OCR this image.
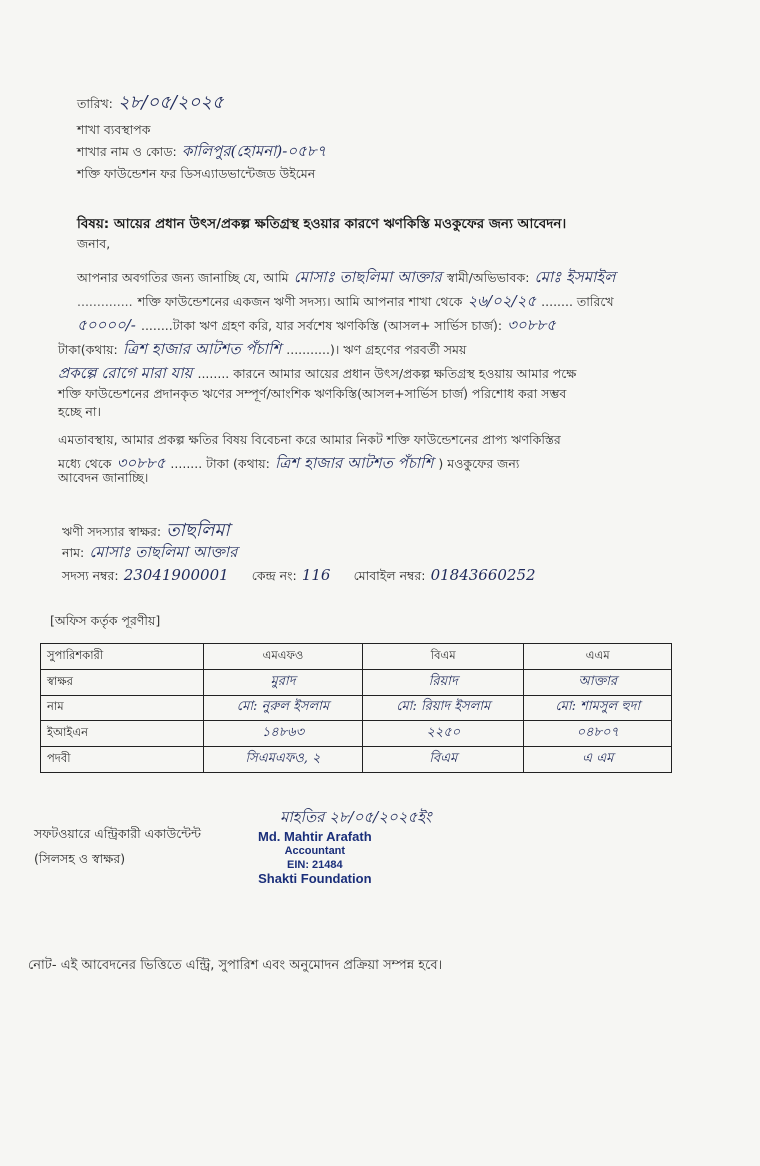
তারিখ: ২৮/০৫/২০২৫
শাখা ব্যবস্থাপক
শাখার নাম ও কোড: কালিপুর(হোমনা)-০৫৮৭
শক্তি ফাউন্ডেশন ফর ডিসএ্যাডভান্টেজড উইমেন
বিষয়: আয়ের প্রধান উৎস/প্রকল্প ক্ষতিগ্রস্থ হওয়ার কারণে ঋণকিস্তি মওকুফের জন্য আবেদন।
জনাব,
আপনার অবগতির জন্য জানাচ্ছি যে, আমি মোসাঃ তাছলিমা আক্তার স্বামী/অভিভাবক: মোঃ ইসমাইল
.............. শক্তি ফাউন্ডেশনের একজন ঋণী সদস্য। আমি আপনার শাখা থেকে ২৬/০২/২৫ ........ তারিখে
৫০০০০/- ........টাকা ঋণ গ্রহণ করি, যার সর্বশেষ ঋণকিস্তি (আসল+ সার্ভিস চার্জ): ৩০৮৮৫
টাকা(কথায়: ত্রিশ হাজার আটশত পঁচাশি ...........)। ঋণ গ্রহণের পরবর্তী সময়
প্রকল্পে রোগে মারা যায় ........ কারনে আমার আয়ের প্রধান উৎস/প্রকল্প ক্ষতিগ্রস্থ হওয়ায় আমার পক্ষে
শক্তি ফাউন্ডেশনের প্রদানকৃত ঋণের সম্পূর্ণ/আংশিক ঋণকিস্তি(আসল+সার্ভিস চার্জ) পরিশোধ করা সম্ভব
হচ্ছে না।
এমতাবস্থায়, আমার প্রকল্প ক্ষতির বিষয় বিবেচনা করে আমার নিকট শক্তি ফাউন্ডেশনের প্রাপ্য ঋণকিস্তির
মধ্যে থেকে ৩০৮৮৫ ........ টাকা (কথায়: ত্রিশ হাজার আটশত পঁচাশি ) মওকুফের জন্য
আবেদন জানাচ্ছি।
ঋণী সদস্যার স্বাক্ষর: তাছলিমা
নাম: মোসাঃ তাছলিমা আক্তার
সদস্য নম্বর: 23041900001 কেন্দ্র নং: 116 মোবাইল নম্বর: 01843660252
[অফিস কর্তৃক পূরণীয়]
সুপারিশকারী	এমএফও	বিএম	এএম
স্বাক্ষর	মুরাদ	রিয়াদ	আক্তার
নাম	মো: নুরুল ইসলাম	মো: রিয়াদ ইসলাম	মো: শামসুল হুদা
ইআইএন	১৪৮৬৩	২২৫০	০৪৮০৭
পদবী	সিএমএফও, ২	বিএম	এ এম
সফটওয়ারে এন্ট্রিকারী একাউন্টেন্ট
(সিলসহ ও স্বাক্ষর)
মাহতির ২৮/০৫/২০২৫ইং
Md. Mahtir Arafath
Accountant
EIN: 21484
Shakti Foundation
নোট- এই আবেদনের ভিত্তিতে এন্ট্রি, সুপারিশ এবং অনুমোদন প্রক্রিয়া সম্পন্ন হবে।
